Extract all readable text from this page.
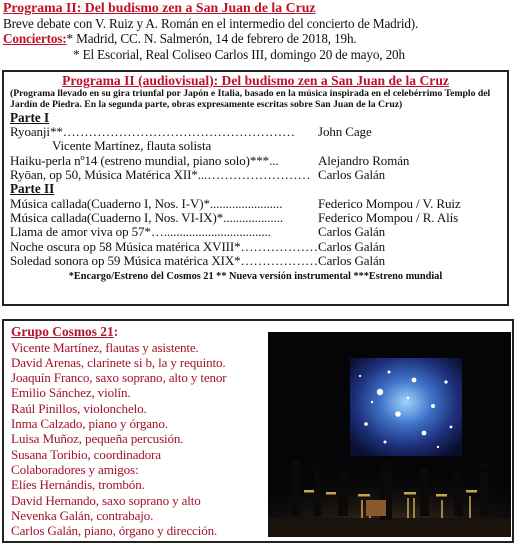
Programa II: Del budismo zen a San Juan de la Cruz
Breve debate con V. Ruiz y A. Román en el intermedio del concierto de Madrid).
Conciertos:* Madrid, CC. N. Salmerón, 14 de febrero de 2018, 19h.
* El Escorial, Real Coliseo Carlos III, domingo 20 de mayo, 20h
Programa II (audiovisual): Del budismo zen a San Juan de la Cruz
(Programa llevado en su gira triunfal por Japón e Italia, basado en la música inspirada en el celebérrimo Templo del Jardín de Piedra. En la segunda parte, obras expresamente escritas sobre San Juan de la Cruz)
Parte I
Ryoanji**………………………………………………	John Cage
Vicente Martínez, flauta solista
Haiku-perla nº14 (estreno mundial, piano solo)***...	Alejandro Román
Ryōan, op 50, Música Matérica XII*...…………………… Carlos Galán
Parte II
Música callada(Cuaderno I, Nos. I-V)*.......................	Federico Mompou / V. Ruiz
Música callada(Cuaderno I, Nos. VI-IX)*...................	Federico Mompou / R. Alís
Llama de amor viva op 57*…..................................	Carlos Galán
Noche oscura op 58 Música matérica XVIII*……………… Carlos Galán
Soledad sonora op 59 Música matérica XIX*……………… Carlos Galán
*Encargo/Estreno del Cosmos 21 ** Nueva versión instrumental ***Estreno mundial
Grupo Cosmos 21:
Vicente Martínez, flautas y asistente.
David Arenas, clarinete si b, la y requinto.
Joaquín Franco, saxo soprano, alto y tenor
Emilio Sánchez, violín.
Raúl Pinillos, violonchelo.
Inma Calzado, piano y órgano.
Luisa Muñoz, pequeña percusión.
Susana Toribio, coordinadora
Colaboradores y amigos:
Elíes Hernándis, trombón.
David Hernando, saxo soprano y alto
Nevenka Galán, contrabajo.
Carlos Galán, piano, órgano y dirección.
